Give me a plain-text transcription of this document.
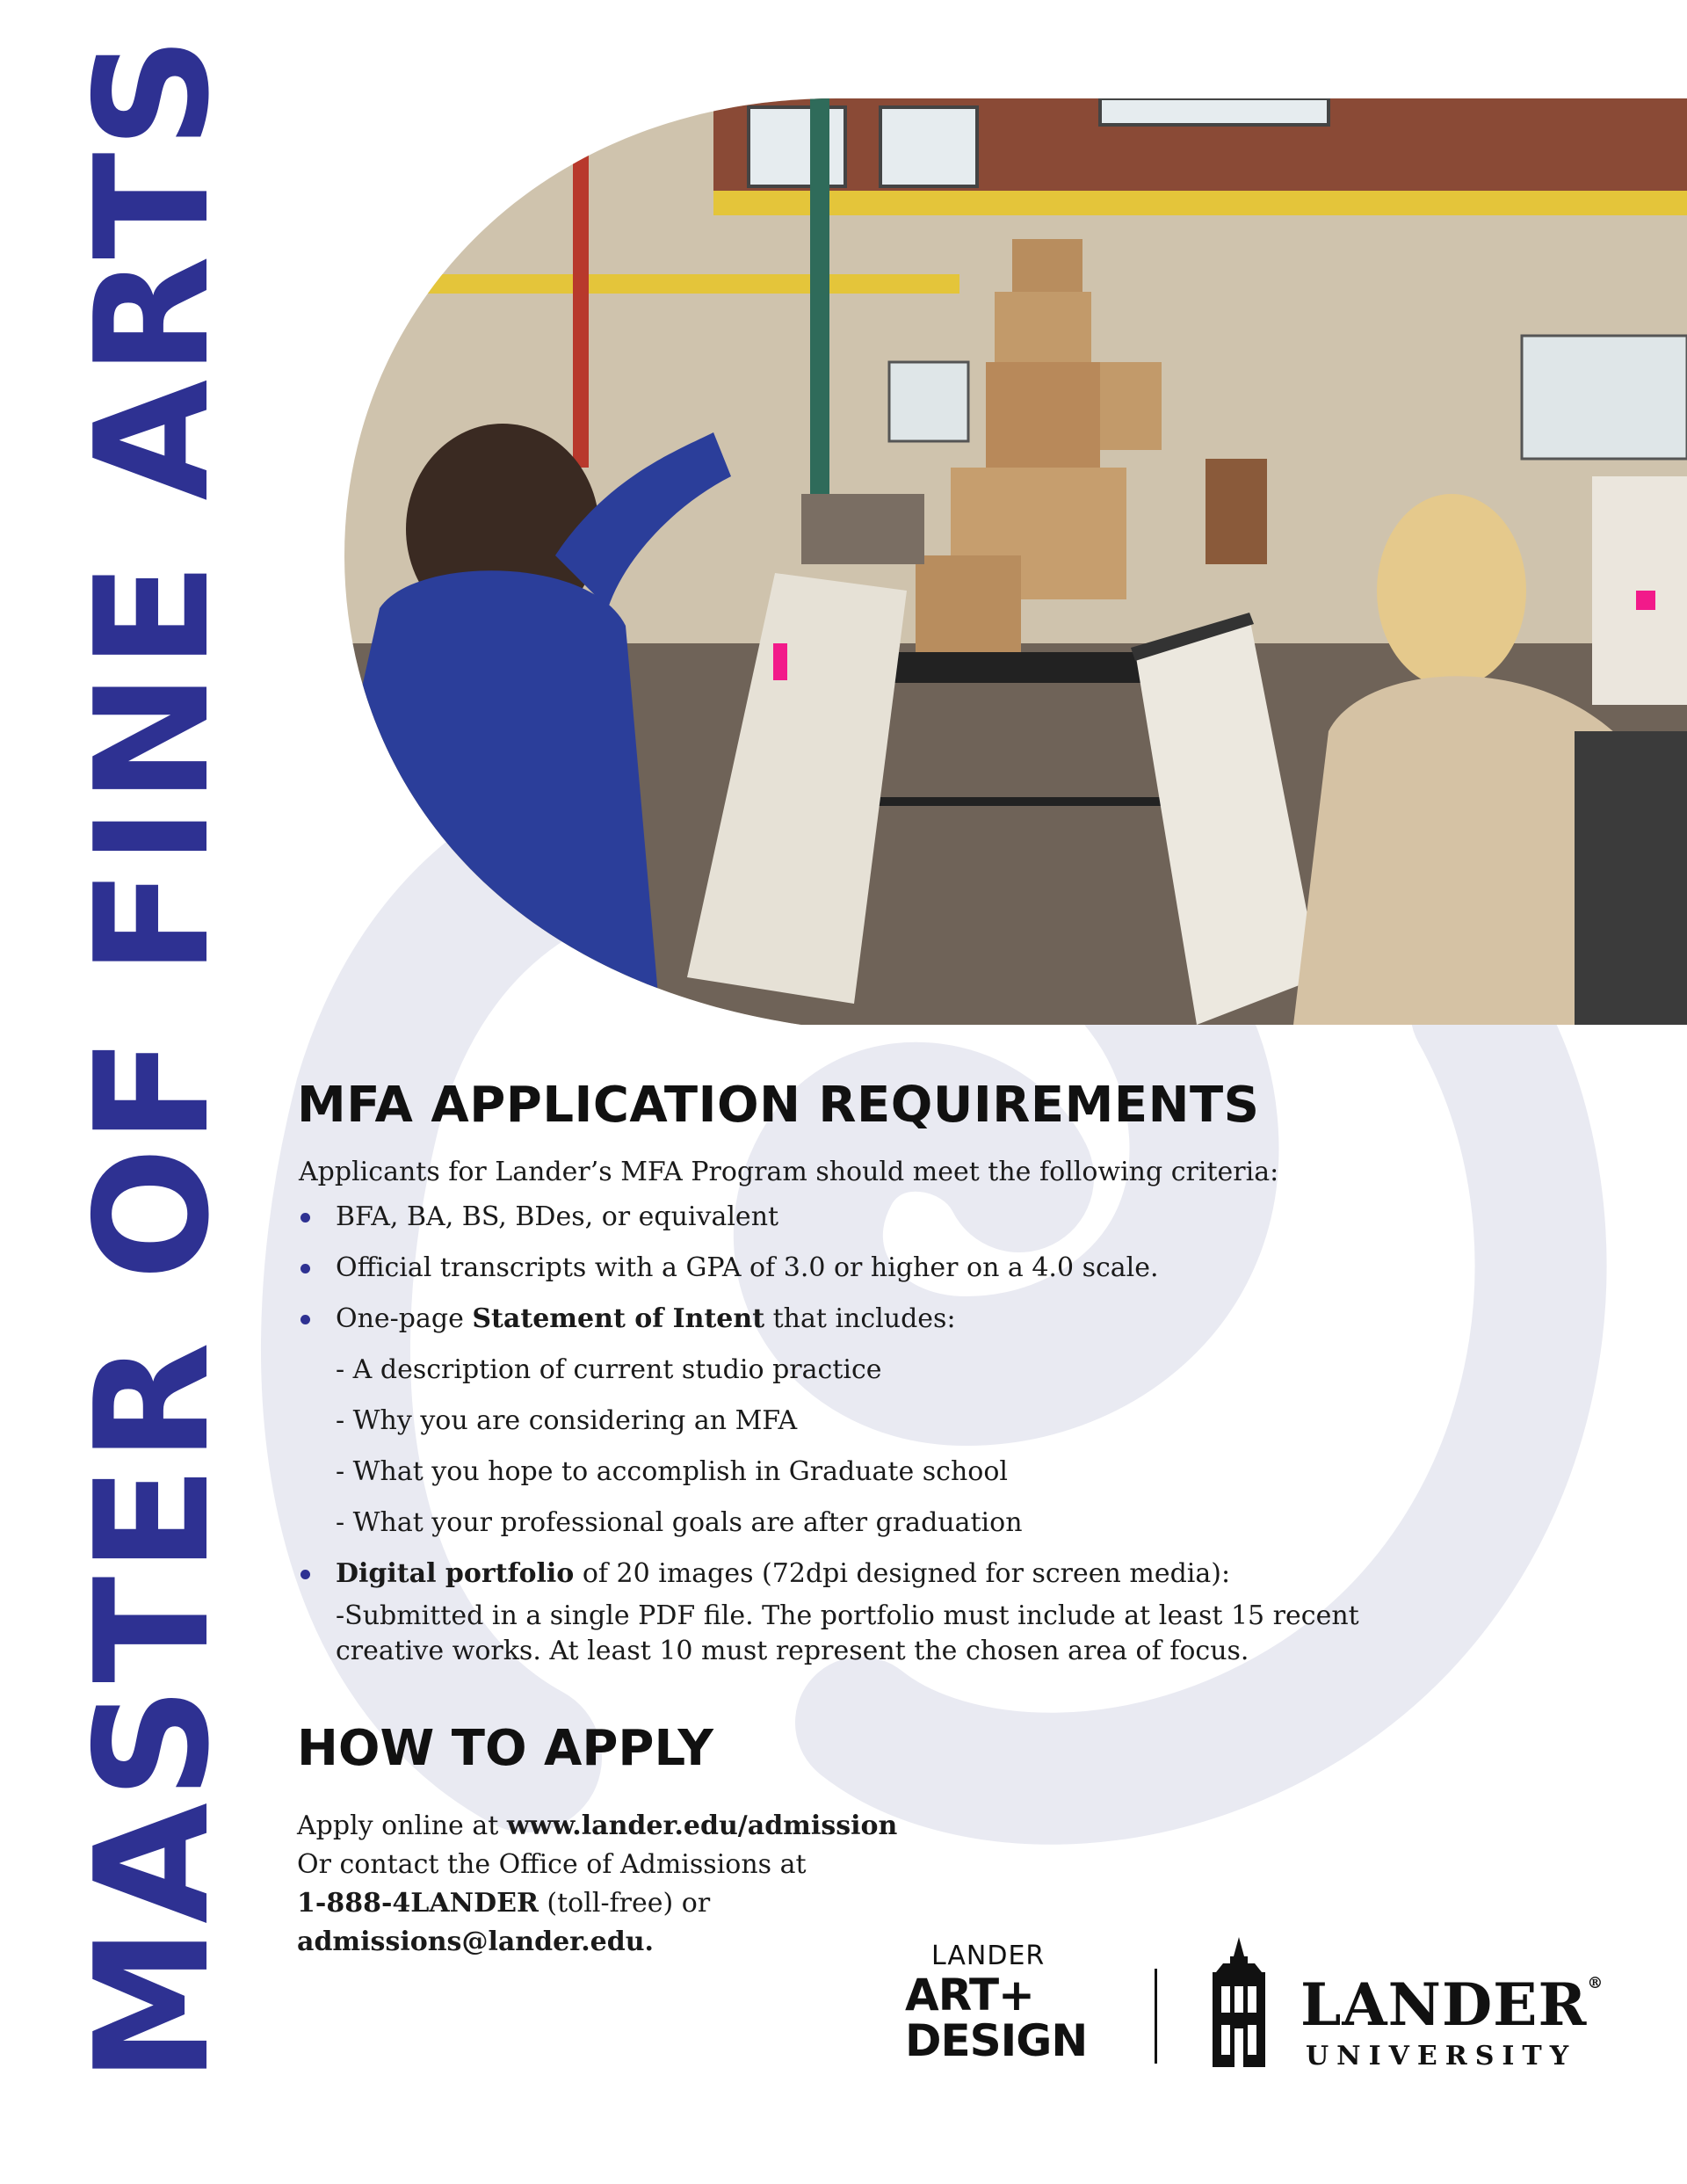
MASTER OF FINE ARTS MFA APPLICATION REQUIREMENTS

Applicants for Lander’s MFA Program should meet the following criteria:

BFA, BA, BS, BDes, or equivalent
Official transcripts with a GPA of 3.0 or higher on a 4.0 scale.
One-page Statement of Intent that includes:
- A description of current studio practice
- Why you are considering an MFA
- What you hope to accomplish in Graduate school
- What your professional goals are after graduation
Digital portfolio of 20 images (72dpi designed for screen media):
-Submitted in a single PDF file. The portfolio must include at least 15 recent creative works. At least 10 must represent the chosen area of focus.
HOW TO APPLY
Apply online at www.lander.edu/admission
Or contact the Office of Admissions at
1-888-4LANDER (toll-free) or
admissions@lander.edu.	LANDER
ART+
DESIGN
LANDER®
UNIVERSITY
